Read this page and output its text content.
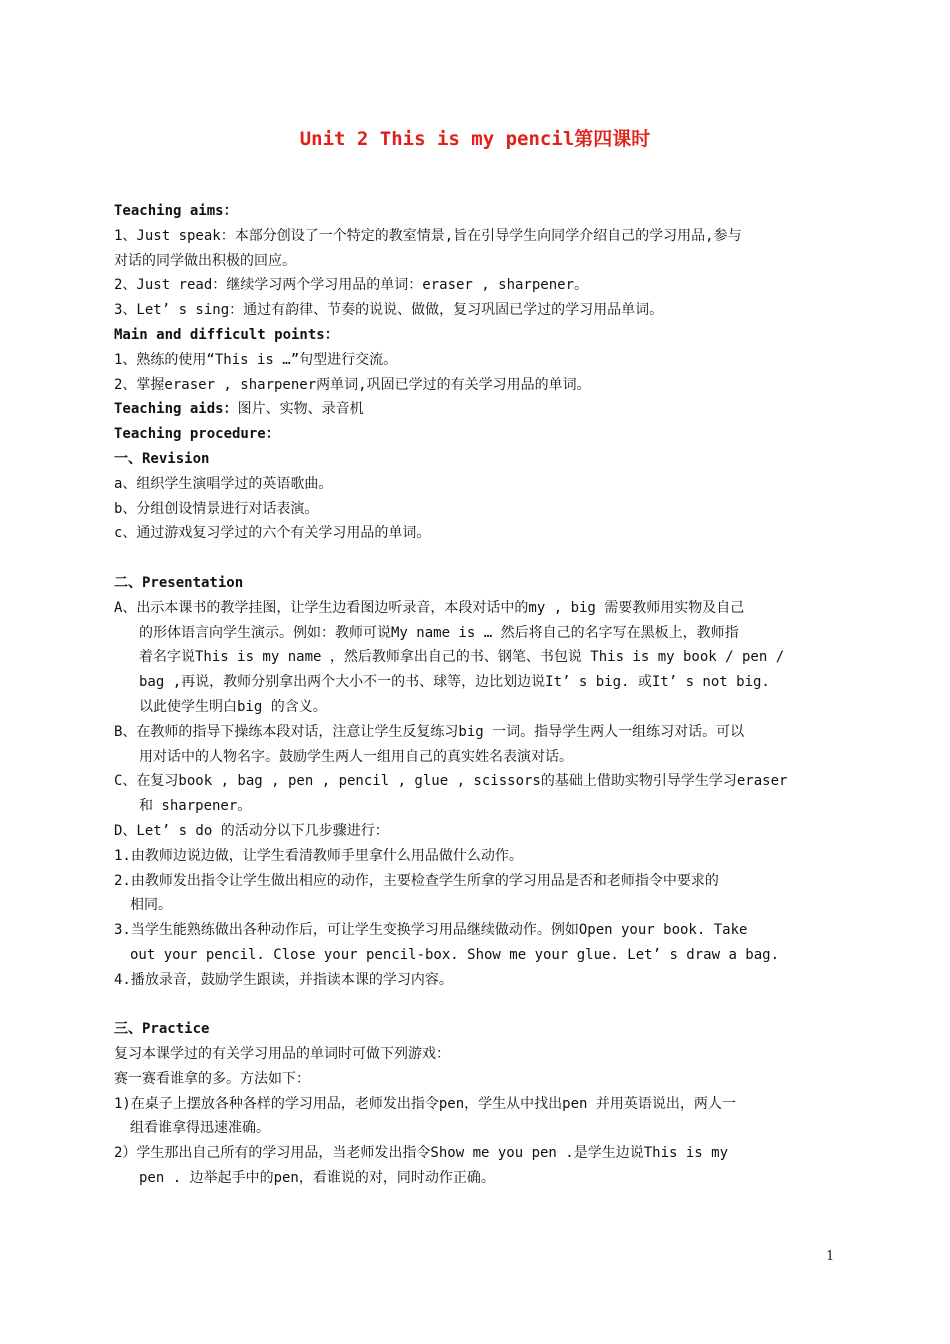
Unit 2 This is my pencil第四课时
Teaching aims：
1、Just speak：本部分创设了一个特定的教室情景,旨在引导学生向同学介绍自己的学习用品,参与
对话的同学做出积极的回应。
2、Just read：继续学习两个学习用品的单词：eraser , sharpener。
3、Let’ s sing：通过有韵律、节奏的说说、做做，复习巩固已学过的学习用品单词。
Main and difficult points：
1、熟练的使用“This is …”句型进行交流。
2、掌握eraser , sharpener两单词,巩固已学过的有关学习用品的单词。
Teaching aids：图片、实物、录音机
Teaching procedure：
一、Revision
a、组织学生演唱学过的英语歌曲。
b、分组创设情景进行对话表演。
c、通过游戏复习学过的六个有关学习用品的单词。
二、Presentation
A、出示本课书的教学挂图，让学生边看图边听录音，本段对话中的my , big 需要教师用实物及自己
的形体语言向学生演示。例如：教师可说My name is … 然后将自己的名字写在黑板上，教师指
着名字说This is my name ，然后教师拿出自己的书、钢笔、书包说 This is my book / pen /
bag ,再说，教师分别拿出两个大小不一的书、球等，边比划边说It’ s big. 或It’ s not big.
以此使学生明白big 的含义。
B、在教师的指导下操练本段对话，注意让学生反复练习big 一词。指导学生两人一组练习对话。可以
用对话中的人物名字。鼓励学生两人一组用自己的真实姓名表演对话。
C、在复习book , bag , pen , pencil , glue , scissors的基础上借助实物引导学生学习eraser
和 sharpener。
D、Let’ s do 的活动分以下几步骤进行：
1.由教师边说边做，让学生看清教师手里拿什么用品做什么动作。
2.由教师发出指令让学生做出相应的动作，主要检查学生所拿的学习用品是否和老师指令中要求的
相同。
3.当学生能熟练做出各种动作后，可让学生变换学习用品继续做动作。例如Open your book. Take
out your pencil. Close your pencil-box. Show me your glue. Let’ s draw a bag.
4.播放录音，鼓励学生跟读，并指读本课的学习内容。
三、Practice
复习本课学过的有关学习用品的单词时可做下列游戏：
赛一赛看谁拿的多。方法如下：
1)在桌子上摆放各种各样的学习用品，老师发出指令pen，学生从中找出pen 并用英语说出，两人一
组看谁拿得迅速准确。
2）学生那出自己所有的学习用品，当老师发出指令Show me you pen .是学生边说This is my
pen . 边举起手中的pen，看谁说的对，同时动作正确。
1
